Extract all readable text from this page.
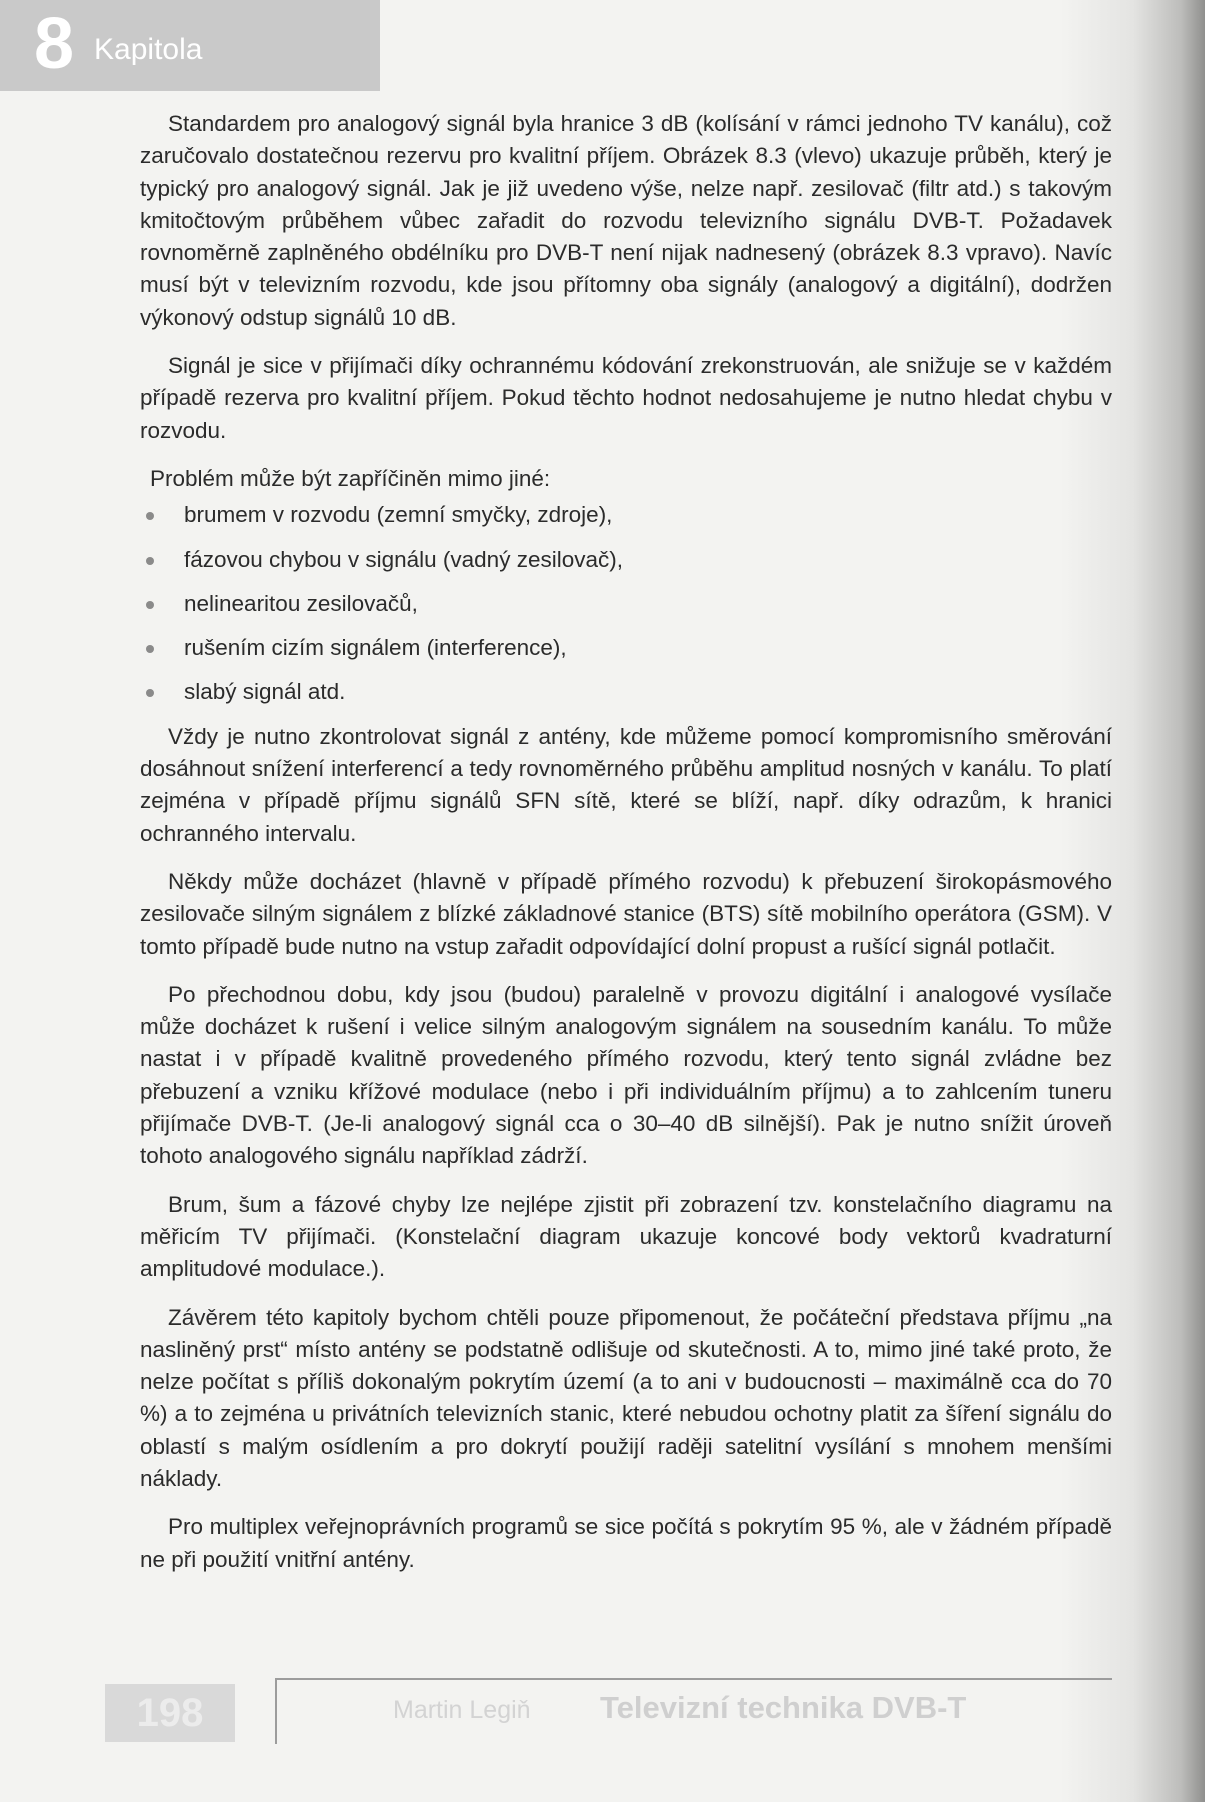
8 Kapitola

Standardem pro analogový signál byla hranice 3 dB (kolísání v rámci jednoho TV kanálu), což zaručovalo dostatečnou rezervu pro kvalitní příjem. Obrázek 8.3 (vlevo) ukazuje průběh, který je typický pro analogový signál. Jak je již uvedeno výše, nelze např. zesilovač (filtr atd.) s takovým kmitočtovým průběhem vůbec zařadit do rozvodu televizního signálu DVB-T. Požadavek rovnoměrně zaplněného obdélníku pro DVB-T není nijak nadnesený (obrázek 8.3 vpravo). Navíc musí být v televizním rozvodu, kde jsou přítomny oba signály (analogový a digitální), dodržen výkonový odstup signálů 10 dB.

Signál je sice v přijímači díky ochrannému kódování zrekonstruován, ale snižuje se v každém případě rezerva pro kvalitní příjem. Pokud těchto hodnot nedosahujeme je nutno hledat chybu v rozvodu.

Problém může být zapříčiněn mimo jiné:

brumem v rozvodu (zemní smyčky, zdroje),
fázovou chybou v signálu (vadný zesilovač),
nelinearitou zesilovačů,
rušením cizím signálem (interference),
slabý signál atd.

Vždy je nutno zkontrolovat signál z antény, kde můžeme pomocí kompromisního směrování dosáhnout snížení interferencí a tedy rovnoměrného průběhu amplitud nosných v kanálu. To platí zejména v případě příjmu signálů SFN sítě, které se blíží, např. díky odrazům, k hranici ochranného intervalu.

Někdy může docházet (hlavně v případě přímého rozvodu) k přebuzení širokopásmového zesilovače silným signálem z blízké základnové stanice (BTS) sítě mobilního operátora (GSM). V tomto případě bude nutno na vstup zařadit odpovídající dolní propust a rušící signál potlačit.

Po přechodnou dobu, kdy jsou (budou) paralelně v provozu digitální i analogové vysílače může docházet k rušení i velice silným analogovým signálem na sousedním kanálu. To může nastat i v případě kvalitně provedeného přímého rozvodu, který tento signál zvládne bez přebuzení a vzniku křížové modulace (nebo i při individuálním příjmu) a to zahlcením tuneru přijímače DVB-T. (Je-li analogový signál cca o 30–40 dB silnější). Pak je nutno snížit úroveň tohoto analogového signálu například zádrží.

Brum, šum a fázové chyby lze nejlépe zjistit při zobrazení tzv. konstelačního diagramu na měřicím TV přijímači. (Konstelační diagram ukazuje koncové body vektorů kvadraturní amplitudové modulace.).

Závěrem této kapitoly bychom chtěli pouze připomenout, že počáteční představa příjmu „na nasliněný prst“ místo antény se podstatně odlišuje od skutečnosti. A to, mimo jiné také proto, že nelze počítat s příliš dokonalým pokrytím území (a to ani v budoucnosti – maximálně cca do 70 %) a to zejména u privátních televizních stanic, které nebudou ochotny platit za šíření signálu do oblastí s malým osídlením a pro dokrytí použijí raději satelitní vysílání s mnohem menšími náklady.

Pro multiplex veřejnoprávních programů se sice počítá s pokrytím 95 %, ale v žádném případě ne při použití vnitřní antény.

198	Martin Legiň Televizní technika DVB-T
